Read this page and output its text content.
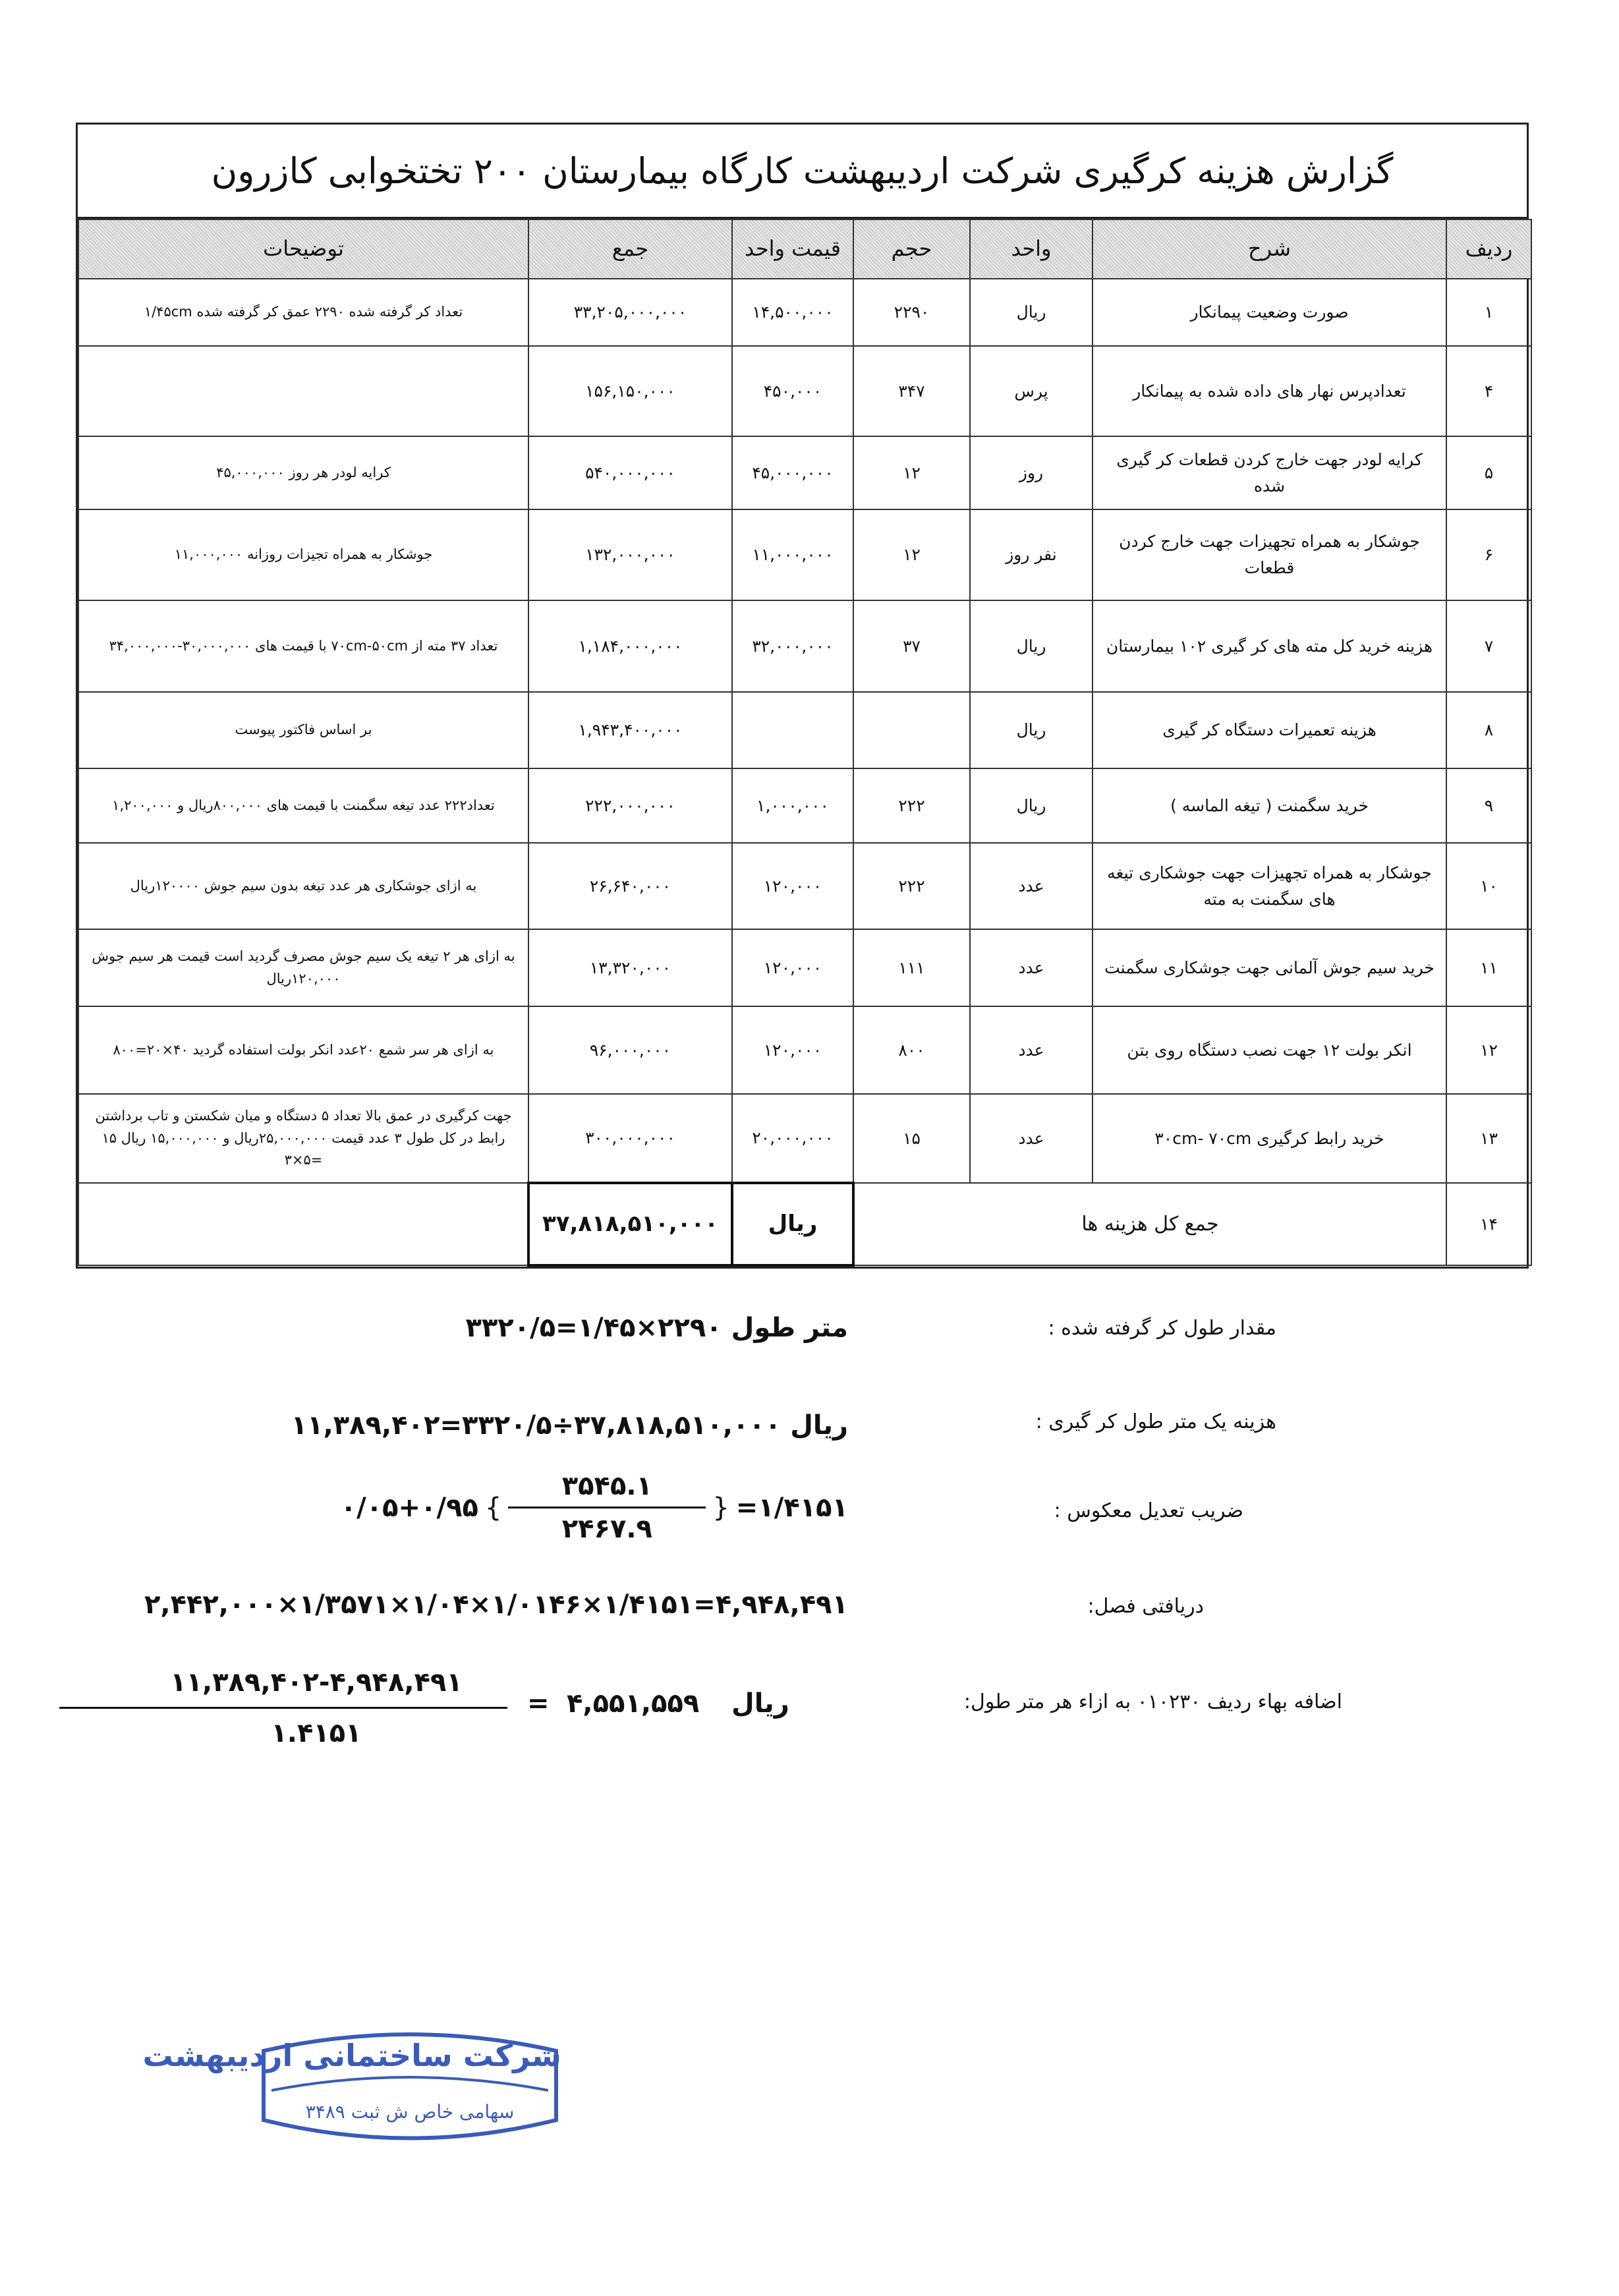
گزارش هزینه کرگیری شرکت اردیبهشت کارگاه بیمارستان ۲۰۰ تختخوابی کازرون
ردیف	شرح	واحد	حجم	قیمت واحد	جمع	توضیحات
۱	صورت وضعیت پیمانکار	ریال	۲۲۹۰	۱۴,۵۰۰,۰۰۰	۳۳,۲۰۵,۰۰۰,۰۰۰	تعداد کر گرفته شده ۲۲۹۰ عمق کر گرفته شده ۱/۴۵cm
۴	تعدادپرس نهار های داده شده به پیمانکار	پرس	۳۴۷	۴۵۰,۰۰۰	۱۵۶,۱۵۰,۰۰۰	
۵	کرایه لودر جهت خارج کردن قطعات کر گیری شده	روز	۱۲	۴۵,۰۰۰,۰۰۰	۵۴۰,۰۰۰,۰۰۰	کرایه لودر هر روز ۴۵,۰۰۰,۰۰۰
۶	جوشکار به همراه تجهیزات جهت خارج کردن قطعات	نفر روز	۱۲	۱۱,۰۰۰,۰۰۰	۱۳۲,۰۰۰,۰۰۰	جوشکار به همراه تجیزات روزانه ۱۱,۰۰۰,۰۰۰
۷	هزینه خرید کل مته های کر گیری ۱۰۲ بیمارستان	ریال	۳۷	۳۲,۰۰۰,۰۰۰	۱,۱۸۴,۰۰۰,۰۰۰	تعداد ۳۷ مته از ۷۰cm-۵۰cm با قیمت های ۳۰,۰۰۰,۰۰۰-۳۴,۰۰۰,۰۰۰
۸	هزینه تعمیرات دستگاه کر گیری	ریال			۱,۹۴۳,۴۰۰,۰۰۰	بر اساس فاکتور پیوست
۹	خرید سگمنت ( تیغه الماسه )	ریال	۲۲۲	۱,۰۰۰,۰۰۰	۲۲۲,۰۰۰,۰۰۰	تعداد۲۲۲ عدد تیغه سگمنت با قیمت های ۸۰۰,۰۰۰ریال و ۱,۲۰۰,۰۰۰
۱۰	جوشکار به همراه تجهیزات جهت جوشکاری تیغه های سگمنت به مته	عدد	۲۲۲	۱۲۰,۰۰۰	۲۶,۶۴۰,۰۰۰	به ازای جوشکاری هر عدد تیغه بدون سیم جوش ۱۲۰۰۰۰ریال
۱۱	خرید سیم جوش آلمانی جهت جوشکاری سگمنت	عدد	۱۱۱	۱۲۰,۰۰۰	۱۳,۳۲۰,۰۰۰	به ازای هر ۲ تیغه یک سیم جوش مصرف گردید است قیمت هر سیم جوش ۱۲۰,۰۰۰ریال
۱۲	انکر بولت ۱۲ جهت نصب دستگاه روی بتن	عدد	۸۰۰	۱۲۰,۰۰۰	۹۶,۰۰۰,۰۰۰	به ازای هر سر شمع ۲۰عدد انکر بولت استفاده گردید ۴۰×۲۰=۸۰۰
۱۳	خرید رابط کرگیری ۳۰cm- ۷۰cm	عدد	۱۵	۲۰,۰۰۰,۰۰۰	۳۰۰,۰۰۰,۰۰۰	جهت کرگیری در عمق بالا تعداد ۵ دستگاه و میان شکستن و تاب برداشتن رابط در کل طول ۳ عدد قیمت ۲۵,۰۰۰,۰۰۰ریال و ۱۵,۰۰۰,۰۰۰ ریال ۱۵ =۵×۳
۱۴	جمع کل هزینه ها			ریال	۳۷,۸۱۸,۵۱۰,۰۰۰	
مقدار طول کر گرفته شده :
متر طول ۲۲۹۰×۱/۴۵=۳۳۲۰/۵
هزینه یک متر طول کر گیری :
ریال ۳۷,۸۱۸,۵۱۰,۰۰۰÷۳۳۲۰/۵=۱۱,۳۸۹,۴۰۲
ضریب تعدیل معکوس :
۰/۰۵+۰/۹۵ { $\frac{۳۵۴۵.۱}{۲۴۶۷.۹}$ } =۱/۴۱۵۱
دریافتی فصل:
۲,۴۴۲,۰۰۰×۱/۳۵۷۱×۱/۰۴×۱/۰۱۴۶×۱/۴۱۵۱=۴,۹۴۸,۴۹۱
اضافه بهاء ردیف ۰۱۰۲۳۰ به ازاء هر متر طول:
۱۱,۳۸۹,۴۰۲-۴,۹۴۸,۴۹۱
۱.۴۱۵۱
= ۴,۵۵۱,۵۵۹ ریال
شرکت ساختمانی اردیبهشت
سهامی خاص ش ثبت ۳۴۸۹
